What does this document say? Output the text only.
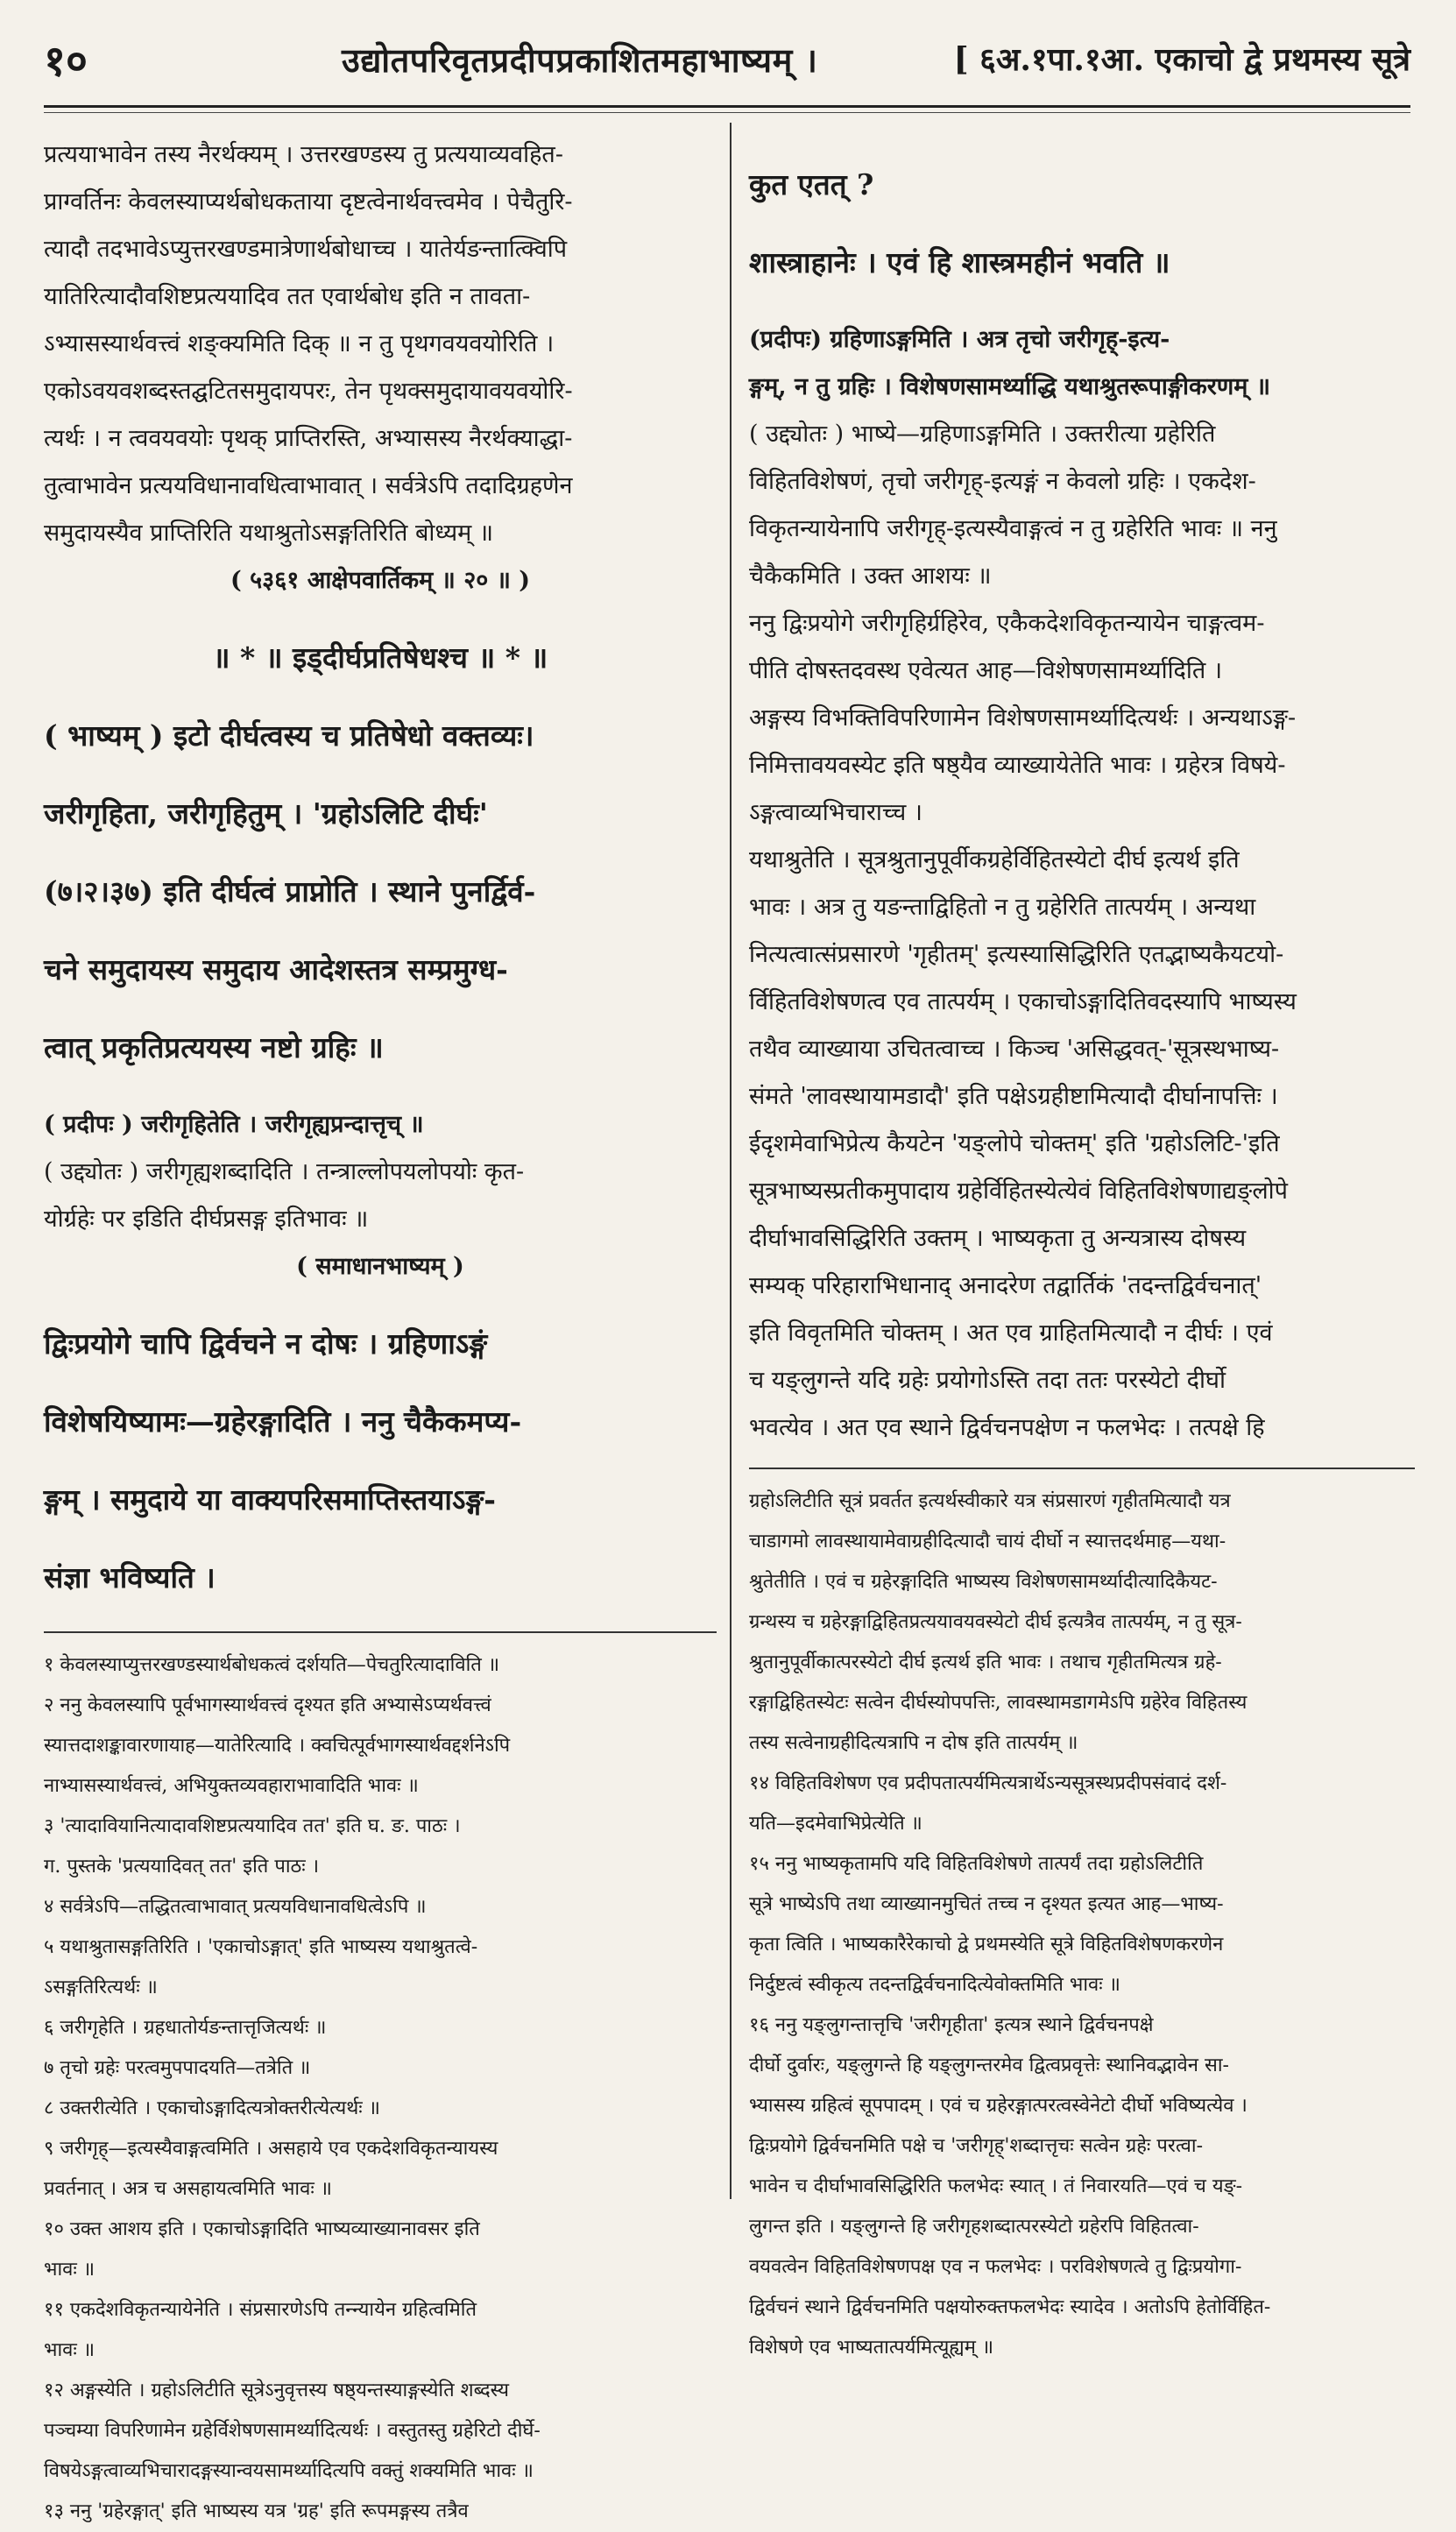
१०	उद्योतपरिवृतप्रदीपप्रकाशितमहाभाष्यम् ।	[ ६अ.१पा.१आ. एकाचो द्वे प्रथमस्य सूत्रे

प्रत्ययाभावेन तस्य नैरर्थक्यम् । उत्तरखण्डस्य तु प्रत्ययाव्यवहित-

प्राग्वर्तिनः केवलस्याप्यर्थबोधकताया दृष्टत्वेनार्थवत्त्वमेव । पेचैतुरि-

त्यादौ तदभावेऽप्युत्तरखण्डमात्रेणार्थबोधाच्च । यातेर्यङन्तात्क्विपि

यातिरित्यादौवशिष्टप्रत्ययादिव तत एवार्थबोध इति न तावता-

ऽभ्यासस्यार्थवत्त्वं शङ्क्यमिति दिक् ॥ न तु पृथगवयवयोरिति ।

एकोऽवयवशब्दस्तद्घटितसमुदायपरः, तेन पृथक्समुदायावयवयोरि-

त्यर्थः । न त्ववयवयोः पृथक् प्राप्तिरस्ति, अभ्यासस्य नैरर्थक्याद्धा-

तुत्वाभावेन प्रत्ययविधानावधित्वाभावात् । सर्वत्रेऽपि तदादिग्रहणेन

समुदायस्यैव प्राप्तिरिति यथाश्रुतोऽसङ्गतिरिति बोध्यम् ॥

( ५३६१ आक्षेपवार्तिकम् ॥ २० ॥ )

॥ * ॥ इड्दीर्घप्रतिषेधश्च ॥ * ॥

( भाष्यम् ) इटो दीर्घत्वस्य च प्रतिषेधो वक्तव्यः।

जरीगृहिता, जरीगृहितुम् । 'ग्रहोऽलिटि दीर्घः'

(७।२।३७) इति दीर्घत्वं प्राप्नोति । स्थाने पुनर्द्विर्व-

चने समुदायस्य समुदाय आदेशस्तत्र सम्प्रमुग्ध-

त्वात् प्रकृतिप्रत्ययस्य नष्टो ग्रहिः ॥

( प्रदीपः ) जरीगृहितेति । जरीगृह्यप्रन्दात्तृच् ॥

( उद्द्योतः ) जरीगृह्यशब्दादिति । तन्त्राल्लोपयलोपयोः कृत-

योर्ग्रहेः पर इडिति दीर्घप्रसङ्ग इतिभावः ॥

( समाधानभाष्यम् )

द्विःप्रयोगे चापि द्विर्वचने न दोषः । ग्रहिणाऽङ्गं

विशेषयिष्यामः—ग्रहेरङ्गादिति । ननु चैकैकमप्य-

ङ्गम् । समुदाये या वाक्यपरिसमाप्तिस्तयाऽङ्ग-

संज्ञा भविष्यति ।

१ केवलस्याप्युत्तरखण्डस्यार्थबोधकत्वं दर्शयति—पेचतुरित्यादाविति ॥

२ ननु केवलस्यापि पूर्वभागस्यार्थवत्त्वं दृश्यत इति अभ्यासेऽप्यर्थवत्त्वं

स्यात्तदाशङ्कावारणायाह—यातेरित्यादि । क्वचित्पूर्वभागस्यार्थवद्दर्शनेऽपि

नाभ्यासस्यार्थवत्त्वं, अभियुक्तव्यवहाराभावादिति भावः ॥

३ 'त्यादावियानित्यादावशिष्टप्रत्ययादिव तत' इति घ. ङ. पाठः ।

ग. पुस्तके 'प्रत्ययादिवत् तत' इति पाठः ।

४ सर्वत्रेऽपि—तद्धितत्वाभावात् प्रत्ययविधानावधित्वेऽपि ॥

५ यथाश्रुतासङ्गतिरिति । 'एकाचोऽङ्गात्' इति भाष्यस्य यथाश्रुतत्वे-

ऽसङ्गतिरित्यर्थः ॥

६ जरीगृहेति । ग्रहधातोर्यङन्तात्तृजित्यर्थः ॥

७ तृचो ग्रहेः परत्वमुपपादयति—तत्रेति ॥

८ उक्तरीत्येति । एकाचोऽङ्गादित्यत्रोक्तरीत्येत्यर्थः ॥

९ जरीगृह्—इत्यस्यैवाङ्गत्वमिति । असहाये एव एकदेशविकृतन्यायस्य

प्रवर्तनात् । अत्र च असहायत्वमिति भावः ॥

१० उक्त आशय इति । एकाचोऽङ्गादिति भाष्यव्याख्यानावसर इति

भावः ॥

११ एकदेशविकृतन्यायेनेति । संप्रसारणेऽपि तन्न्यायेन ग्रहित्वमिति

भावः ॥

१२ अङ्गस्येति । ग्रहोऽलिटीति सूत्रेऽनुवृत्तस्य षष्ठ्यन्तस्याङ्गस्येति शब्दस्य

पञ्चम्या विपरिणामेन ग्रहेर्विशेषणसामर्थ्यादित्यर्थः । वस्तुतस्तु ग्रहेरिटो दीर्घे-

विषयेऽङ्गत्वाव्यभिचारादङ्गस्यान्वयसामर्थ्यादित्यपि वक्तुं शक्यमिति भावः ॥

१३ ननु 'ग्रहेरङ्गात्' इति भाष्यस्य यत्र 'ग्रह' इति रूपमङ्गस्य तत्रैव

कुत एतत् ?

शास्त्राहानेः । एवं हि शास्त्रमहीनं भवति ॥

(प्रदीपः) ग्रहिणाऽङ्गमिति । अत्र तृचो जरीगृह्-इत्य-

ङ्गम्, न तु ग्रहिः । विशेषणसामर्थ्याद्धि यथाश्रुतरूपाङ्गीकरणम् ॥

( उद्द्योतः ) भाष्ये—ग्रहिणाऽङ्गमिति । उक्तरीत्या ग्रहेरिति

विहितविशेषणं, तृचो जरीगृह्-इत्यङ्गं न केवलो ग्रहिः । एकदेश-

विकृतन्यायेनापि जरीगृह्-इत्यस्यैवाङ्गत्वं न तु ग्रहेरिति भावः ॥ ननु

चैकैकमिति । उक्त आशयः ॥

ननु द्विःप्रयोगे जरीगृहिर्ग्रहिरेव, एकैकदेशविकृतन्यायेन चाङ्गत्वम-

पीति दोषस्तदवस्थ एवेत्यत आह—विशेषणसामर्थ्यादिति ।

अङ्गस्य विभक्तिविपरिणामेन विशेषणसामर्थ्यादित्यर्थः । अन्यथाऽङ्ग-

निमित्तावयवस्येट इति षष्ठ्यैव व्याख्यायेतेति भावः । ग्रहेरत्र विषये-

ऽङ्गत्वाव्यभिचाराच्च ।

यथाश्रुतेति । सूत्रश्रुतानुपूर्वीकग्रहेर्विहितस्येटो दीर्घ इत्यर्थ इति

भावः । अत्र तु यङन्ताद्विहितो न तु ग्रहेरिति तात्पर्यम् । अन्यथा

नित्यत्वात्संप्रसारणे 'गृहीतम्' इत्यस्यासिद्धिरिति एतद्भाष्यकैयटयो-

र्विहितविशेषणत्व एव तात्पर्यम् । एकाचोऽङ्गादितिवदस्यापि भाष्यस्य

तथैव व्याख्याया उचितत्वाच्च । किञ्च 'असिद्धवत्-'सूत्रस्थभाष्य-

संमते 'लावस्थायामडादौ' इति पक्षेऽग्रहीष्टामित्यादौ दीर्घानापत्तिः ।

ईदृशमेवाभिप्रेत्य कैयटेन 'यङ्लोपे चोक्तम्' इति 'ग्रहोऽलिटि-'इति

सूत्रभाष्यस्प्रतीकमुपादाय ग्रहेर्विहितस्येत्येवं विहितविशेषणाद्यङ्लोपे

दीर्घाभावसिद्धिरिति उक्तम् । भाष्यकृता तु अन्यत्रास्य दोषस्य

सम्यक् परिहाराभिधानाद् अनादरेण तद्वार्तिकं 'तदन्तद्विर्वचनात्'

इति विवृतमिति चोक्तम् । अत एव ग्राहितमित्यादौ न दीर्घः । एवं

च यङ्लुगन्ते यदि ग्रहेः प्रयोगोऽस्ति तदा ततः परस्येटो दीर्घो

भवत्येव । अत एव स्थाने द्विर्वचनपक्षेण न फलभेदः । तत्पक्षे हि

ग्रहोऽलिटीति सूत्रं प्रवर्तत इत्यर्थस्वीकारे यत्र संप्रसारणं गृहीतमित्यादौ यत्र

चाडागमो लावस्थायामेवाग्रहीदित्यादौ चायं दीर्घो न स्यात्तदर्थमाह—यथा-

श्रुतेतीति । एवं च ग्रहेरङ्गादिति भाष्यस्य विशेषणसामर्थ्यादीत्यादिकैयट-

ग्रन्थस्य च ग्रहेरङ्गाद्विहितप्रत्ययावयवस्येटो दीर्घ इत्यत्रैव तात्पर्यम्, न तु सूत्र-

श्रुतानुपूर्वीकात्परस्येटो दीर्घ इत्यर्थ इति भावः । तथाच गृहीतमित्यत्र ग्रहे-

रङ्गाद्विहितस्येटः सत्वेन दीर्घस्योपपत्तिः, लावस्थामडागमेऽपि ग्रहेरेव विहितस्य

तस्य सत्वेनाग्रहीदित्यत्रापि न दोष इति तात्पर्यम् ॥

१४ विहितविशेषण एव प्रदीपतात्पर्यमित्यत्रार्थेऽन्यसूत्रस्थप्रदीपसंवादं दर्श-

यति—इदमेवाभिप्रेत्येति ॥

१५ ननु भाष्यकृतामपि यदि विहितविशेषणे तात्पर्यं तदा ग्रहोऽलिटीति

सूत्रे भाष्येऽपि तथा व्याख्यानमुचितं तच्च न दृश्यत इत्यत आह—भाष्य-

कृता त्विति । भाष्यकारैरेकाचो द्वे प्रथमस्येति सूत्रे विहितविशेषणकरणेन

निर्दुष्टत्वं स्वीकृत्य तदन्तद्विर्वचनादित्येवोक्तमिति भावः ॥

१६ ननु यङ्लुगन्तात्तृचि 'जरीगृहीता' इत्यत्र स्थाने द्विर्वचनपक्षे

दीर्घो दुर्वारः, यङ्लुगन्ते हि यङ्लुगन्तरमेव द्वित्वप्रवृत्तेः स्थानिवद्भावेन सा-

भ्यासस्य ग्रहित्वं सूपपादम् । एवं च ग्रहेरङ्गात्परत्वस्वेनेटो दीर्घो भविष्यत्येव ।

द्विःप्रयोगे द्विर्वचनमिति पक्षे च 'जरीगृह्'शब्दात्तृचः सत्वेन ग्रहेः परत्वा-

भावेन च दीर्घाभावसिद्धिरिति फलभेदः स्यात् । तं निवारयति—एवं च यङ्-

लुगन्त इति । यङ्लुगन्ते हि जरीगृहशब्दात्परस्येटो ग्रहेरपि विहितत्वा-

वयवत्वेन विहितविशेषणपक्ष एव न फलभेदः । परविशेषणत्वे तु द्विःप्रयोगा-

द्विर्वचनं स्थाने द्विर्वचनमिति पक्षयोरुक्तफलभेदः स्यादेव । अतोऽपि हेतोर्विहित-

विशेषणे एव भाष्यतात्पर्यमित्यूह्यम् ॥
